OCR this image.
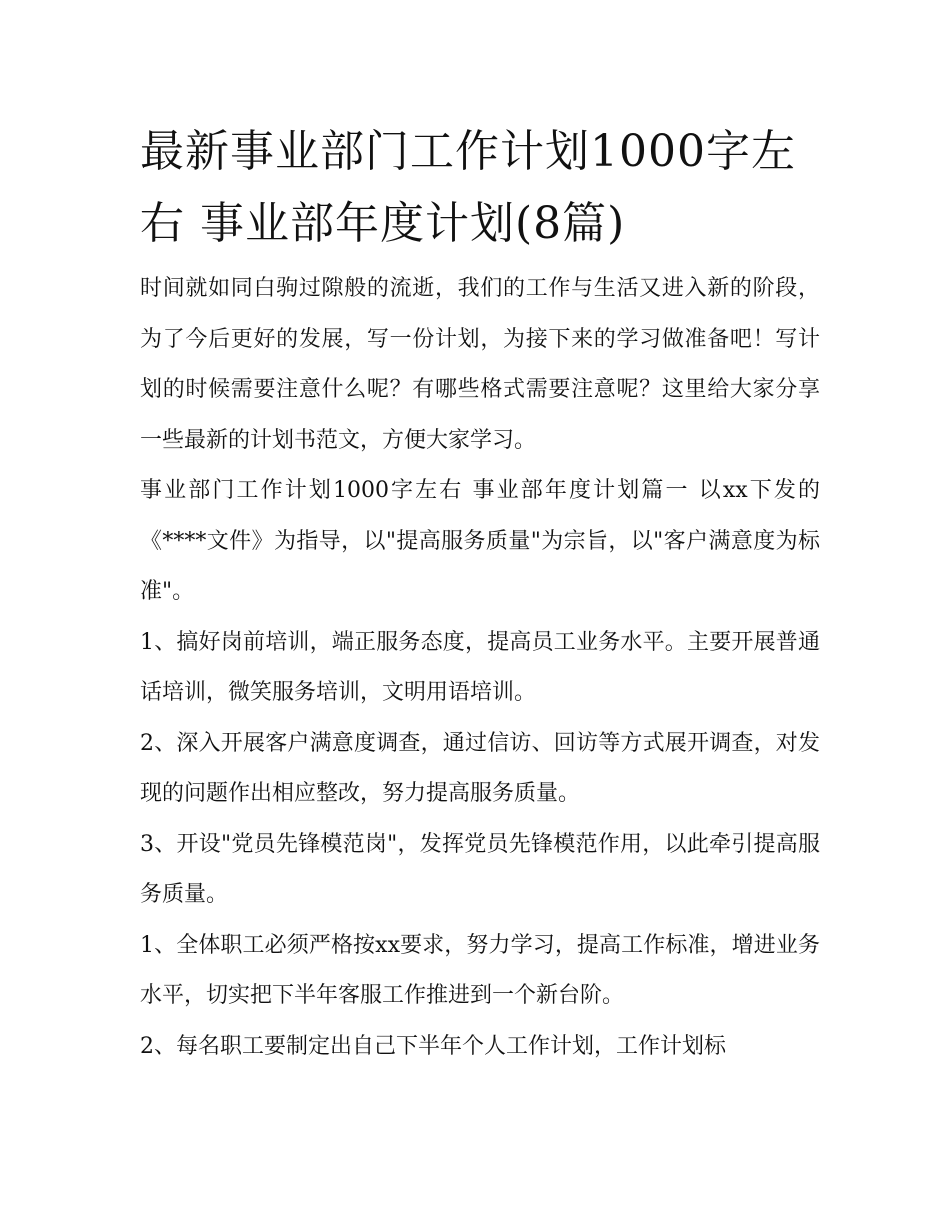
最新事业部门工作计划1000字左右 事业部年度计划(8篇)

时间就如同白驹过隙般的流逝，我们的工作与生活又进入新的阶段，为了今后更好的发展，写一份计划，为接下来的学习做准备吧！写计划的时候需要注意什么呢？有哪些格式需要注意呢？这里给大家分享一些最新的计划书范文，方便大家学习。

事业部门工作计划1000字左右 事业部年度计划篇一 以xx下发的《****文件》为指导，以"提高服务质量"为宗旨，以"客户满意度为标准"。

1、搞好岗前培训，端正服务态度，提高员工业务水平。主要开展普通话培训，微笑服务培训，文明用语培训。

2、深入开展客户满意度调查，通过信访、回访等方式展开调查，对发现的问题作出相应整改，努力提高服务质量。

3、开设"党员先锋模范岗"，发挥党员先锋模范作用，以此牵引提高服务质量。

1、全体职工必须严格按xx要求，努力学习，提高工作标准，增进业务水平，切实把下半年客服工作推进到一个新台阶。

2、每名职工要制定出自己下半年个人工作计划，工作计划标
